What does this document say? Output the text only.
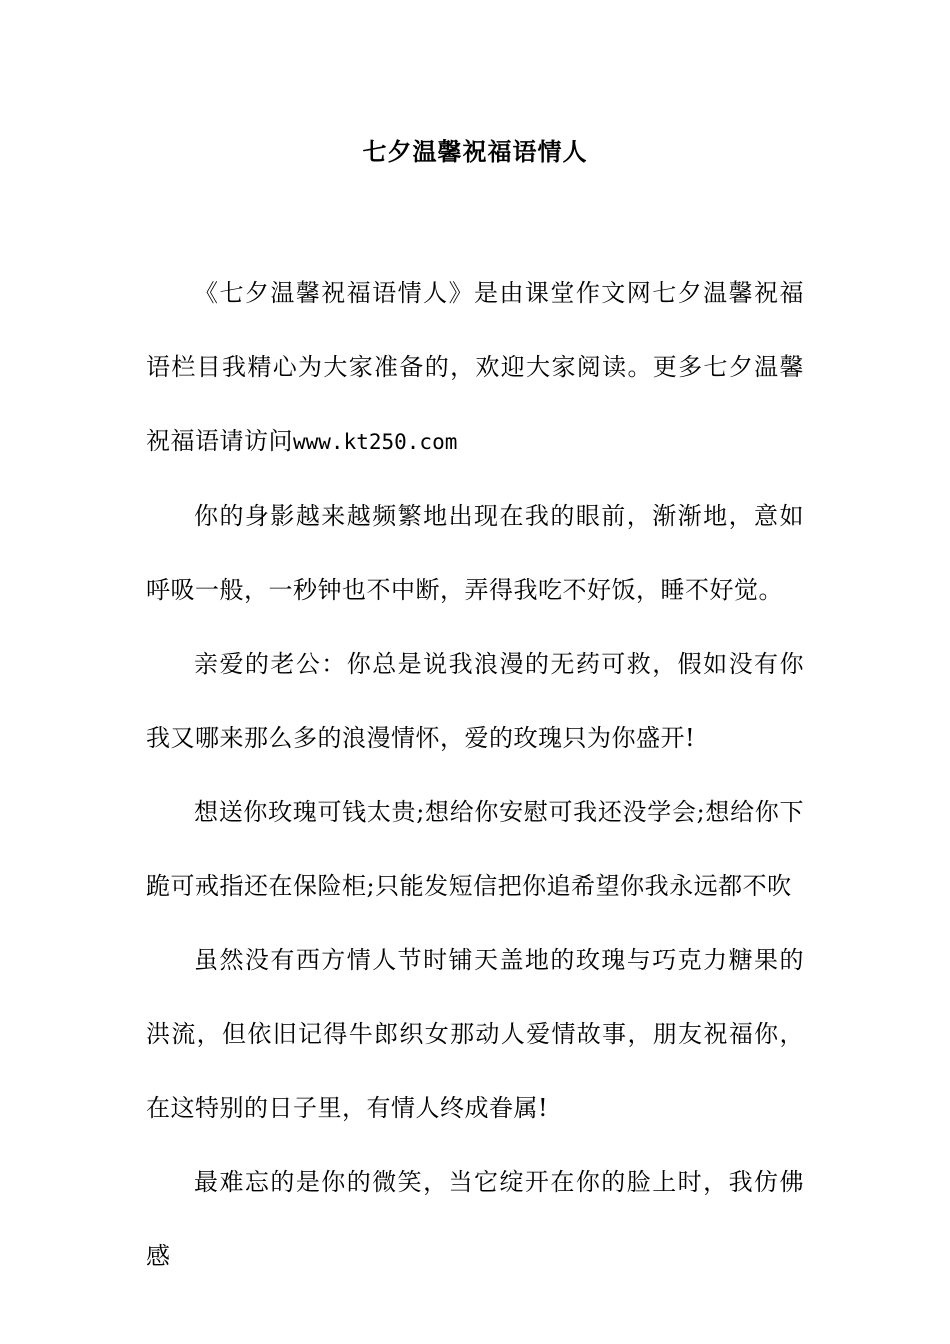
七夕温馨祝福语情人

《七夕温馨祝福语情人》是由课堂作文网七夕温馨祝福语栏目我精心为大家准备的，欢迎大家阅读。更多七夕温馨祝福语请访问www.kt250.com

你的身影越来越频繁地出现在我的眼前，渐渐地，意如呼吸一般，一秒钟也不中断，弄得我吃不好饭，睡不好觉。

亲爱的老公：你总是说我浪漫的无药可救，假如没有你我又哪来那么多的浪漫情怀，爱的玫瑰只为你盛开!

想送你玫瑰可钱太贵;想给你安慰可我还没学会;想给你下跪可戒指还在保险柜;只能发短信把你追希望你我永远都不吹

虽然没有西方情人节时铺天盖地的玫瑰与巧克力糖果的洪流，但依旧记得牛郎织女那动人爱情故事，朋友祝福你，在这特别的日子里，有情人终成眷属!

最难忘的是你的微笑，当它绽开在你的脸上时，我仿佛感
